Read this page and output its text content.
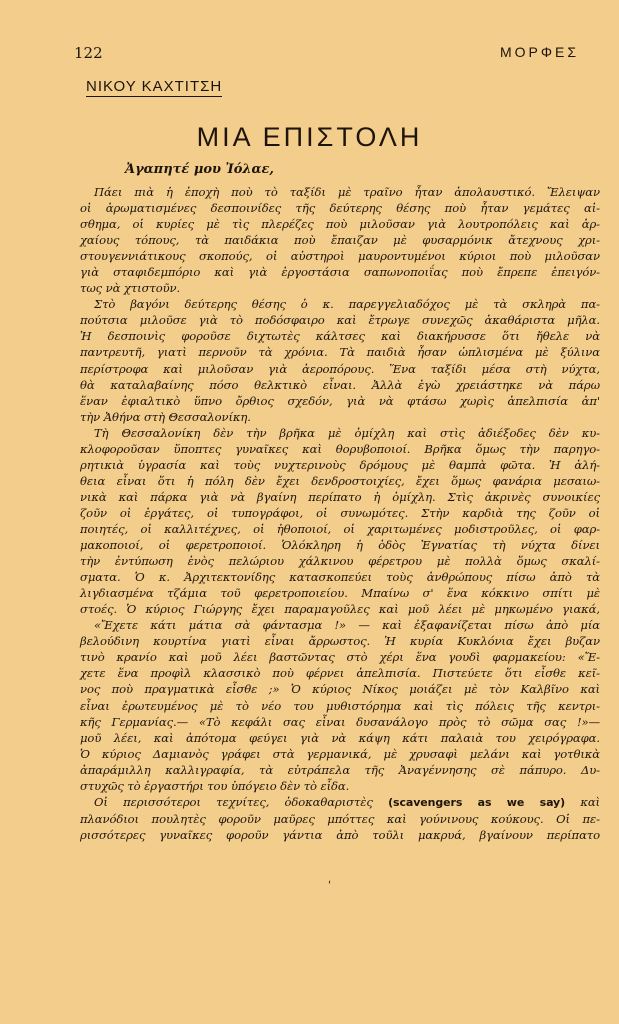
122	ΜΟΡΦΕΣ
ΝΙΚΟΥ ΚΑΧΤΙΤΣΗ
ΜΙΑ ΕΠΙΣΤΟΛΗ
Ἀγαπητέ μου Ἰόλαε,
Πάει πιὰ ἡ ἐποχὴ ποὺ τὸ ταξίδι μὲ τραῖνο ἦταν ἀπολαυστικό. Ἔλειψαν
οἱ ἀρωματισμένες δεσποινίδες τῆς δεύτερης θέσης ποὺ ἦταν γεμάτες αἰ-
σθημα, οἱ κυρίες μὲ τὶς πλερέζες ποὺ μιλοῦσαν γιὰ λουτροπόλεις καὶ ἀρ-
χαίους τόπους, τὰ παιδάκια ποὺ ἔπαιζαν μὲ φυσαρμόνικ ἄτεχνους χρι-
στουγεννιάτικους σκοπούς, οἱ αὐστηροὶ μαυροντυμένοι κύριοι ποὺ μιλοῦσαν
γιὰ σταφιδεμπόριο καὶ γιὰ ἐργοστάσια σαπωνοποιΐας ποὺ ἔπρεπε ἐπειγόν-
τως νὰ χτιστοῦν.
Στὸ βαγόνι δεύτερης θέσης ὁ κ. παρεγγελιαδόχος μὲ τὰ σκληρὰ πα-
πούτσια μιλοῦσε γιὰ τὸ ποδόσφαιρο καὶ ἔτρωγε συνεχῶς ἀκαθάριστα μῆλα.
Ἡ δεσποινὶς φοροῦσε διχτωτὲς κάλτσες καὶ διακήρυσσε ὅτι ἤθελε νὰ
παντρευτῆ, γιατὶ περνοῦν τὰ χρόνια. Τὰ παιδιὰ ἦσαν ὡπλισμένα μὲ ξύλινα
περίστροφα καὶ μιλοῦσαν γιὰ ἀεροπόρους. Ἕνα ταξίδι μέσα στὴ νύχτα,
θὰ καταλαβαίνης πόσο θελκτικὸ εἶναι. Ἀλλὰ ἐγὼ χρειάστηκε νὰ πάρω
ἕναν ἐφιαλτικὸ ὕπνο ὄρθιος σχεδόν, γιὰ νὰ φτάσω χωρὶς ἀπελπισία ἀπ'
τὴν Ἀθήνα στὴ Θεσσαλονίκη.
Τὴ Θεσσαλονίκη δὲν τὴν βρῆκα μὲ ὁμίχλη καὶ στὶς ἀδιέξοδες δὲν κυ-
κλοφοροῦσαν ὕποπτες γυναῖκες καὶ θορυβοποιοί. Βρῆκα ὅμως τὴν παρηγο-
ρητικιὰ ὑγρασία καὶ τοὺς νυχτερινοὺς δρόμους μὲ θαμπὰ φῶτα. Ἡ ἀλή-
θεια εἶναι ὅτι ἡ πόλη δὲν ἔχει δενδροστοιχίες, ἔχει ὅμως φανάρια μεσαιω-
νικὰ καὶ πάρκα γιὰ νὰ βγαίνη περίπατο ἡ ὁμίχλη. Στὶς ἀκρινὲς συνοικίες
ζοῦν οἱ ἐργάτες, οἱ τυπογράφοι, οἱ συνωμότες. Στὴν καρδιὰ της ζοῦν οἱ
ποιητές, οἱ καλλιτέχνες, οἱ ἠθοποιοί, οἱ χαριτωμένες μοδιστροῦλες, οἱ φαρ-
μακοποιοί, οἱ φερετροποιοί. Ὁλόκληρη ἡ ὁδὸς Ἐγνατίας τὴ νύχτα δίνει
τὴν ἐντύπωση ἑνὸς πελώριου χάλκινου φέρετρου μὲ πολλὰ ὅμως σκαλί-
σματα. Ὁ κ. Ἀρχιτεκτονίδης κατασκοπεύει τοὺς ἀνθρώπους πίσω ἀπὸ τὰ
λιγδιασμένα τζάμια τοῦ φερετροποιείου. Μπαίνω σ' ἕνα κόκκινο σπίτι μὲ
στοές. Ὁ κύριος Γιώργης ἔχει παραμαγοῦλες καὶ μοῦ λέει μὲ μηκωμένο γιακά,
«Ἔχετε κάτι μάτια σὰ φάντασμα !» — καὶ ἐξαφανίζεται πίσω ἀπὸ μία
βελούδινη κουρτίνα γιατὶ εἶναι ἄρρωστος. Ἡ κυρία Κυκλόνια ἔχει βυζαν
τινὸ κρανίο καὶ μοῦ λέει βαστῶντας στὸ χέρι ἕνα γουδὶ φαρμακείου: «Ἔ-
χετε ἕνα προφὶλ κλασσικὸ ποὺ φέρνει ἀπελπισία. Πιστεύετε ὅτι εἶσθε κεῖ-
νος ποὺ πραγματικὰ εἶσθε ;» Ὁ κύριος Νίκος μοιάζει μὲ τὸν Καλβῖνο καὶ
εἶναι ἐρωτευμένος μὲ τὸ νέο του μυθιστόρημα καὶ τὶς πόλεις τῆς κεντρι-
κῆς Γερμανίας.— «Τὸ κεφάλι σας εἶναι δυσανάλογο πρὸς τὸ σῶμα σας !»—
μοῦ λέει, καὶ ἀπότομα φεύγει γιὰ νὰ κάψη κάτι παλαιὰ του χειρόγραφα.
Ὁ κύριος Δαμιανὸς γράφει στὰ γερμανικά, μὲ χρυσαφὶ μελάνι καὶ γοτθικὰ
ἀπαράμιλλη καλλιγραφία, τὰ εὐτράπελα τῆς Ἀναγέννησης σὲ πάπυρο. Δυ-
στυχῶς τὸ ἐργαστήρι του ὑπόγειο δὲν τὸ εἶδα.
Οἱ περισσότεροι τεχνίτες, ὁδοκαθαριστὲς (scavengers as we say) καὶ
πλανόδιοι πουλητὲς φοροῦν μαῦρες μπόττες καὶ γούνινους κούκους. Οἱ πε-
ρισσότερες γυναῖκες φοροῦν γάντια ἀπὸ τοῦλι μακρυά, βγαίνουν περίπατο
ʹ
